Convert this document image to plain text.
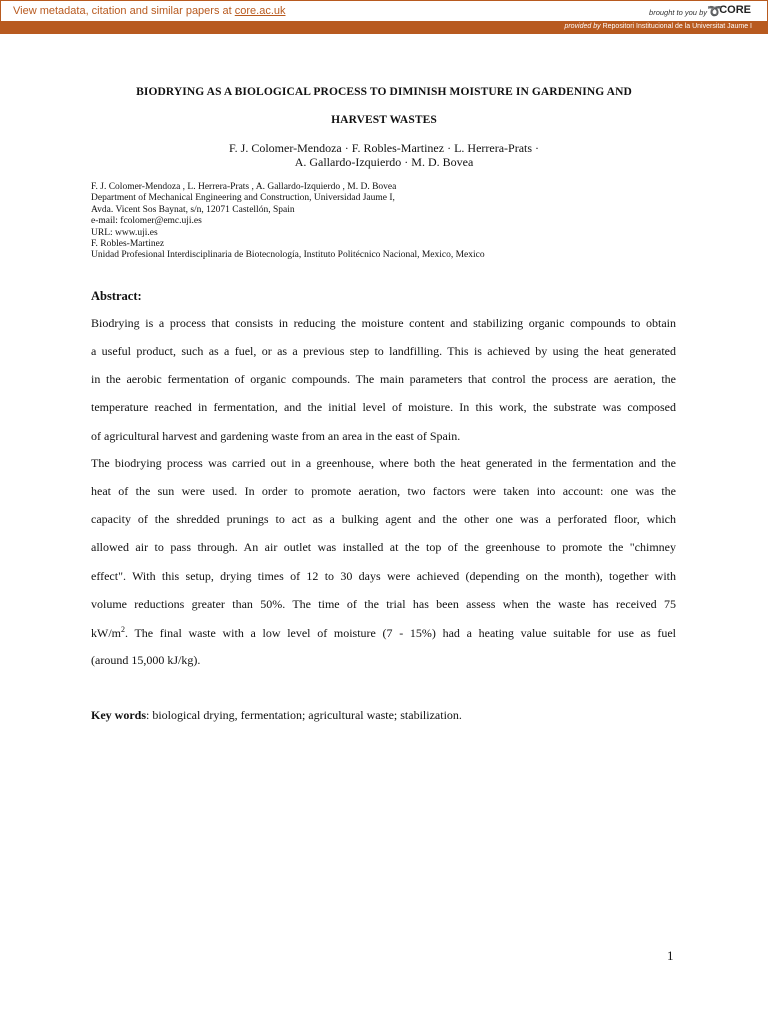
View metadata, citation and similar papers at core.ac.uk	brought to you by ➰
CORE
provided by Repositori Institucional de la Universitat Jaume I
BIODRYING AS A BIOLOGICAL PROCESS TO DIMINISH MOISTURE IN GARDENING AND
HARVEST WASTES
F. J. Colomer-Mendoza · F. Robles-Martinez · L. Herrera-Prats ·
A. Gallardo-Izquierdo · M. D. Bovea
F. J. Colomer-Mendoza , L. Herrera-Prats , A. Gallardo-Izquierdo , M. D. Bovea
Department of Mechanical Engineering and Construction, Universidad Jaume I,
Avda. Vicent Sos Baynat, s/n, 12071 Castellón, Spain
e-mail: fcolomer@emc.uji.es
URL: www.uji.es
F. Robles-Martinez
Unidad Profesional Interdisciplinaria de Biotecnología, Instituto Politécnico Nacional, Mexico, Mexico
Abstract:
Biodrying is a process that consists in reducing the moisture content and stabilizing organic compounds to obtain
a useful product, such as a fuel, or as a previous step to landfilling. This is achieved by using the heat generated
in the aerobic fermentation of organic compounds. The main parameters that control the process are aeration, the
temperature reached in fermentation, and the initial level of moisture. In this work, the substrate was composed
of agricultural harvest and gardening waste from an area in the east of Spain.
The biodrying process was carried out in a greenhouse, where both the heat generated in the fermentation and the
heat of the sun were used. In order to promote aeration, two factors were taken into account: one was the
capacity of the shredded prunings to act as a bulking agent and the other one was a perforated floor, which
allowed air to pass through. An air outlet was installed at the top of the greenhouse to promote the "chimney
effect". With this setup, drying times of 12 to 30 days were achieved (depending on the month), together with
volume reductions greater than 50%. The time of the trial has been assess when the waste has received 75
$kW/m^2$. The final waste with a low level of moisture (7 - 15%) had a heating value suitable for use as fuel
(around 15,000 kJ/kg).
Key words: biological drying, fermentation; agricultural waste; stabilization.
1
